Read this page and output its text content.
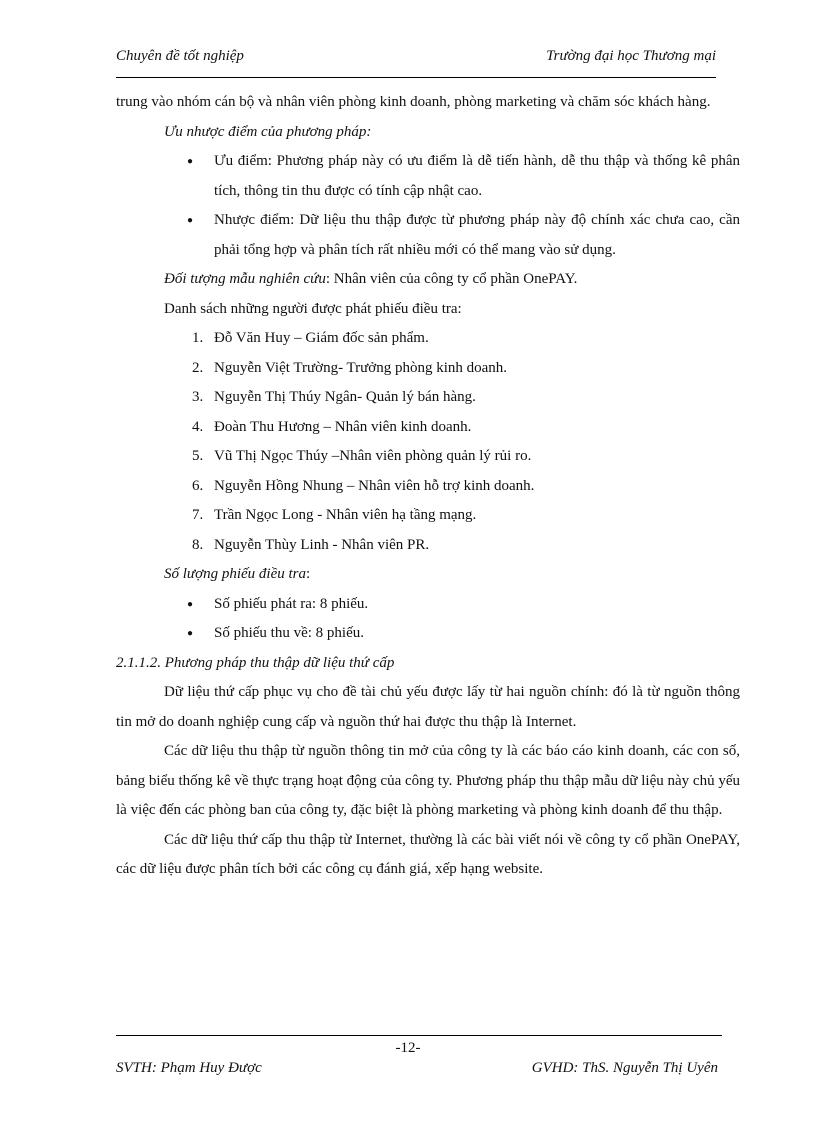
Chuyên đề tốt nghiệp	Trường đại học Thương mại

trung vào nhóm cán bộ và nhân viên phòng kinh doanh, phòng marketing và chăm sóc khách hàng.

Ưu nhược điểm của phương pháp:

● Ưu điểm: Phương pháp này có ưu điểm là dễ tiến hành, dễ thu thập và thống kê phân tích, thông tin thu được có tính cập nhật cao.
● Nhược điểm: Dữ liệu thu thập được từ phương pháp này độ chính xác chưa cao, cần phải tổng hợp và phân tích rất nhiều mới có thể mang vào sử dụng.

Đối tượng mẫu nghiên cứu: Nhân viên của công ty cổ phần OnePAY.

Danh sách những người được phát phiếu điều tra:

1. Đỗ Văn Huy – Giám đốc sản phẩm.
2. Nguyễn Việt Trường- Trưởng phòng kinh doanh.
3. Nguyễn Thị Thúy Ngân- Quản lý bán hàng.
4. Đoàn Thu Hương – Nhân viên kinh doanh.
5. Vũ Thị Ngọc Thúy –Nhân viên phòng quản lý rủi ro.
6. Nguyễn Hồng Nhung – Nhân viên hỗ trợ kinh doanh.
7. Trần Ngọc Long - Nhân viên hạ tầng mạng.
8. Nguyễn Thùy Linh - Nhân viên PR.

Số lượng phiếu điều tra:

● Số phiếu phát ra: 8 phiếu.
● Số phiếu thu về: 8 phiếu.

2.1.1.2. Phương pháp thu thập dữ liệu thứ cấp

Dữ liệu thứ cấp phục vụ cho đề tài chủ yếu được lấy từ hai nguồn chính: đó là từ nguồn thông tin mở do doanh nghiệp cung cấp và nguồn thứ hai được thu thập là Internet.

Các dữ liệu thu thập từ nguồn thông tin mở của công ty là các báo cáo kinh doanh, các con số, bảng biểu thống kê về thực trạng hoạt động của công ty. Phương pháp thu thập mẫu dữ liệu này chủ yếu là việc đến các phòng ban của công ty, đặc biệt là phòng marketing và phòng kinh doanh để thu thập.

Các dữ liệu thứ cấp thu thập từ Internet, thường là các bài viết nói về công ty cổ phần OnePAY, các dữ liệu được phân tích bởi các công cụ đánh giá, xếp hạng website.

-12-
SVTH: Phạm Huy Được	GVHD: ThS. Nguyễn Thị Uyên
